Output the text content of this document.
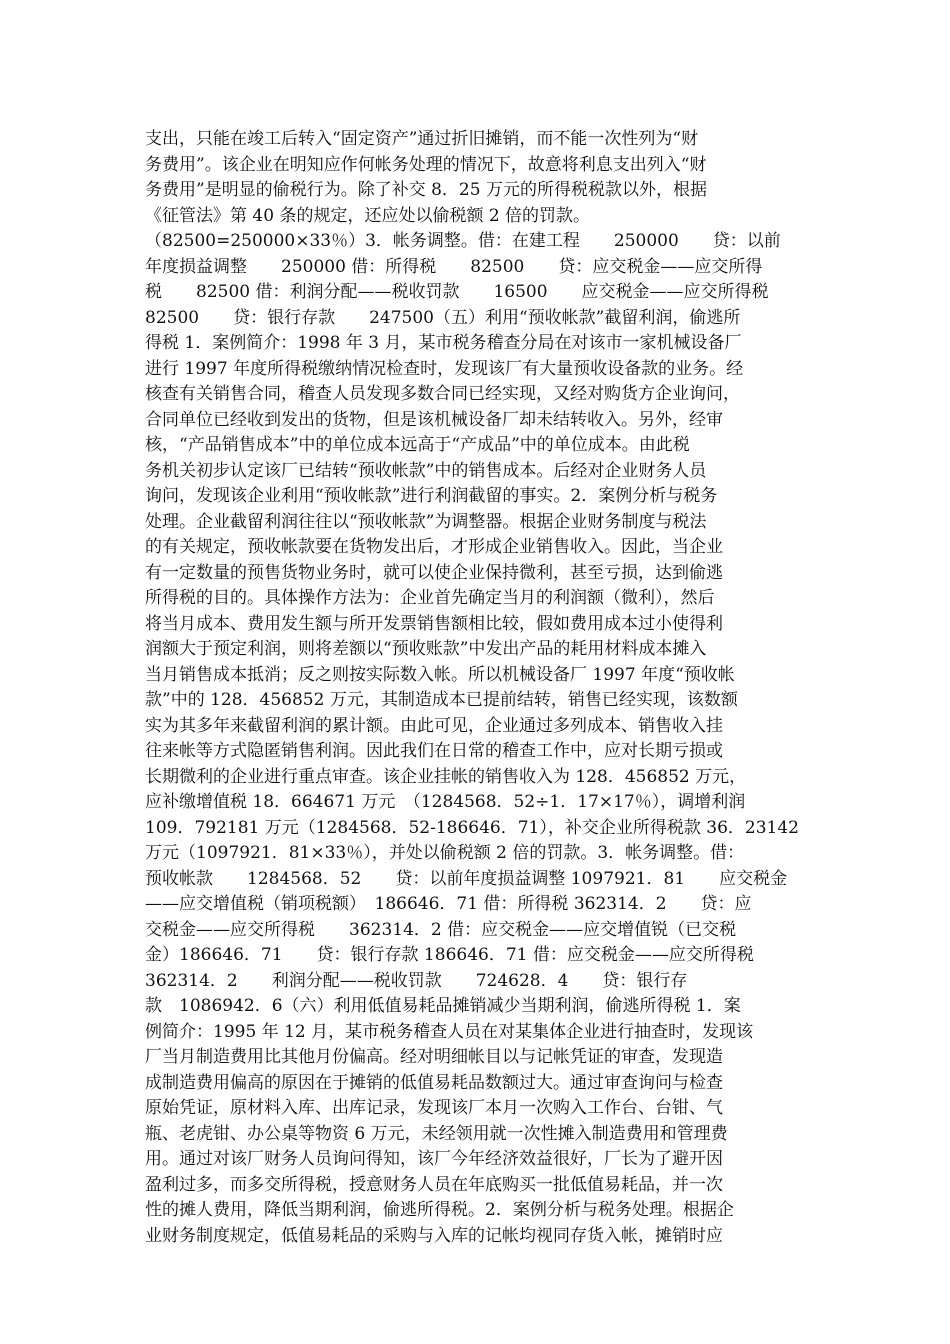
支出，只能在竣工后转入“固定资产”通过折旧摊销，而不能一次性列为“财
务费用”。该企业在明知应作何帐务处理的情况下，故意将利息支出列入“财
务费用”是明显的偷税行为。除了补交 8．25 万元的所得税税款以外，根据
《征管法》第 40 条的规定，还应处以偷税额 2 倍的罚款。
（82500=250000×33％）3．帐务调整。借：在建工程　　250000　　贷：以前
年度损益调整　　250000 借：所得税　　82500　　贷：应交税金——应交所得
税　　82500 借：利润分配——税收罚款　　16500　　应交税金——应交所得税
82500　　贷：银行存款　　247500（五）利用“预收帐款”截留利润，偷逃所
得税 1．案例简介：1998 年 3 月，某市税务稽查分局在对该市一家机械设备厂
进行 1997 年度所得税缴纳情况检查时，发现该厂有大量预收设备款的业务。经
核查有关销售合同，稽查人员发现多数合同已经实现，又经对购货方企业询问，
合同单位已经收到发出的货物，但是该机械设备厂却未结转收入。另外，经审
核，“产品销售成本”中的单位成本远高于“产成品”中的单位成本。由此税
务机关初步认定该厂已结转“预收帐款”中的销售成本。后经对企业财务人员
询问，发现该企业利用“预收帐款”进行利润截留的事实。2．案例分析与税务
处理。企业截留利润往往以“预收帐款”为调整器。根据企业财务制度与税法
的有关规定，预收帐款要在货物发出后，才形成企业销售收入。因此，当企业
有一定数量的预售货物业务时，就可以使企业保持微利，甚至亏损，达到偷逃
所得税的目的。具体操作方法为：企业首先确定当月的利润额（微利），然后
将当月成本、费用发生额与所开发票销售额相比较，假如费用成本过小使得利
润额大于预定利润，则将差额以“预收账款”中发出产品的耗用材料成本摊入
当月销售成本抵消；反之则按实际数入帐。所以机械设备厂 1997 年度“预收帐
款”中的 128．456852 万元，其制造成本已提前结转，销售已经实现，该数额
实为其多年来截留利润的累计额。由此可见，企业通过多列成本、销售收入挂
往来帐等方式隐匿销售利润。因此我们在日常的稽查工作中，应对长期亏损或
长期微利的企业进行重点审查。该企业挂帐的销售收入为 128．456852 万元，
应补缴增值税 18．664671 万元　（1284568．52÷1．17×17％），调增利润
109．792181 万元（1284568．52-186646．71），补交企业所得税款 36．23142
万元（1097921．81×33％），并处以偷税额 2 倍的罚款。3．帐务调整。借：
预收帐款　　1284568．52　　贷：以前年度损益调整 1097921．81　　应交税金
——应交增值税（销项税额）　186646．71 借：所得税 362314．2　　贷：应
交税金——应交所得税　　362314．2 借：应交税金——应交增值锐（已交税
金）186646．71　　贷：银行存款 186646．71 借：应交税金——应交所得税
362314．2　　利润分配——税收罚款　　724628．4　　贷：银行存
款　1086942．6（六）利用低值易耗品摊销减少当期利润，偷逃所得税 1．案
例简介：1995 年 12 月，某市税务稽查人员在对某集体企业进行抽查时，发现该
厂当月制造费用比其他月份偏高。经对明细帐目以与记帐凭证的审查，发现造
成制造费用偏高的原因在于摊销的低值易耗品数额过大。通过审查询问与检查
原始凭证，原材料入库、出库记录，发现该厂本月一次购入工作台、台钳、气
瓶、老虎钳、办公桌等物资 6 万元，未经领用就一次性摊入制造费用和管理费
用。通过对该厂财务人员询问得知，该厂今年经济效益很好，厂长为了避开因
盈利过多，而多交所得税，授意财务人员在年底购买一批低值易耗品，并一次
性的摊人费用，降低当期利润，偷逃所得税。2．案例分析与税务处理。根据企
业财务制度规定，低值易耗品的采购与入库的记帐均视同存货入帐，摊销时应
